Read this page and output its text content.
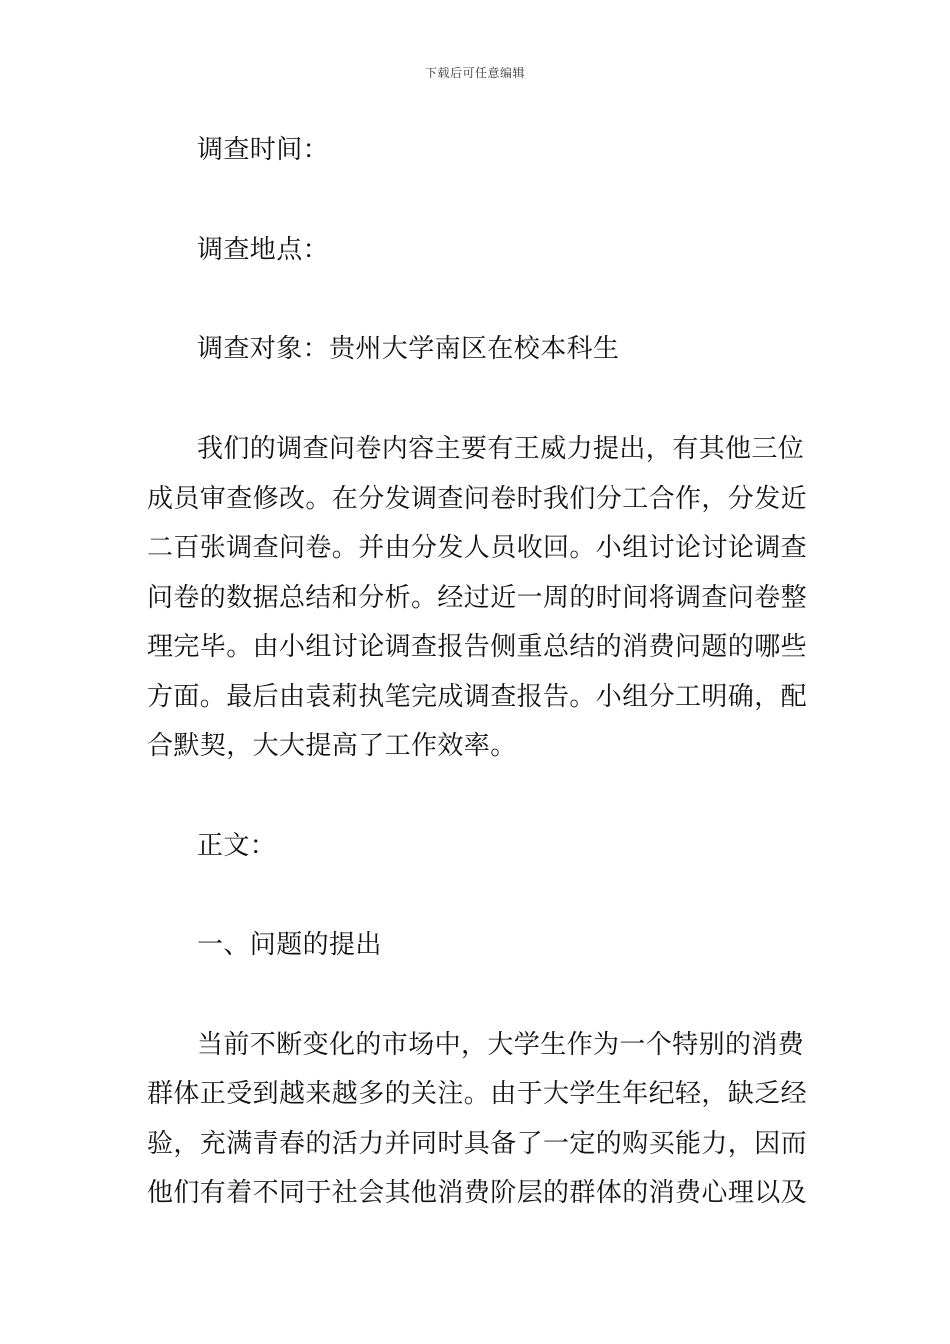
下载后可任意编辑
调查时间：
调查地点：
调查对象：贵州大学南区在校本科生
我们的调查问卷内容主要有王威力提出，有其他三位
成员审查修改。在分发调查问卷时我们分工合作，分发近
二百张调查问卷。并由分发人员收回。小组讨论讨论调查
问卷的数据总结和分析。经过近一周的时间将调查问卷整
理完毕。由小组讨论调查报告侧重总结的消费问题的哪些
方面。最后由袁莉执笔完成调查报告。小组分工明确，配
合默契，大大提高了工作效率。
正文：
一、问题的提出
当前不断变化的市场中，大学生作为一个特别的消费
群体正受到越来越多的关注。由于大学生年纪轻，缺乏经
验，充满青春的活力并同时具备了一定的购买能力，因而
他们有着不同于社会其他消费阶层的群体的消费心理以及
